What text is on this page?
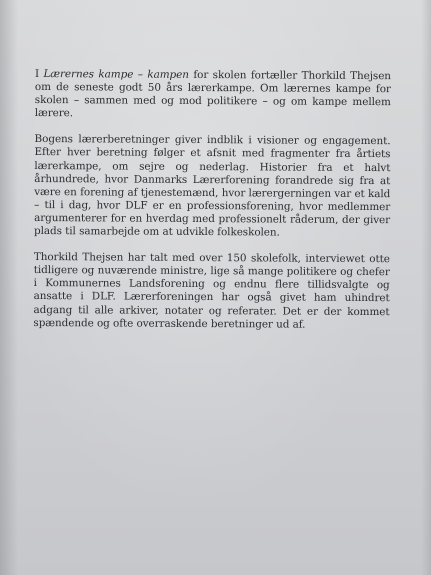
I Lærernes kampe – kampen for skolen fortæller Thorkild Thejsen om de seneste godt 50 års lærerkampe. Om lærernes kampe for skolen – sammen med og mod politikere – og om kampe mellem lærere.

Bogens lærerberetninger giver indblik i visioner og engagement. Efter hver beretning følger et afsnit med fragmenter fra årtiets lærerkampe, om sejre og nederlag. Historier fra et halvt århundrede, hvor Danmarks Lærerforening forandrede sig fra at være en forening af tjenestemænd, hvor lærergerningen var et kald – til i dag, hvor DLF er en professionsforening, hvor medlemmer argumenterer for en hverdag med professionelt råderum, der giver plads til samarbejde om at udvikle folkeskolen.

Thorkild Thejsen har talt med over 150 skolefolk, interviewet otte tidligere og nuværende ministre, lige så mange politikere og chefer i Kommunernes Landsforening og endnu flere tillidsvalgte og ansatte i DLF. Lærerforeningen har også givet ham uhindret adgang til alle arkiver, notater og referater. Det er der kommet spændende og ofte overraskende beretninger ud af.
